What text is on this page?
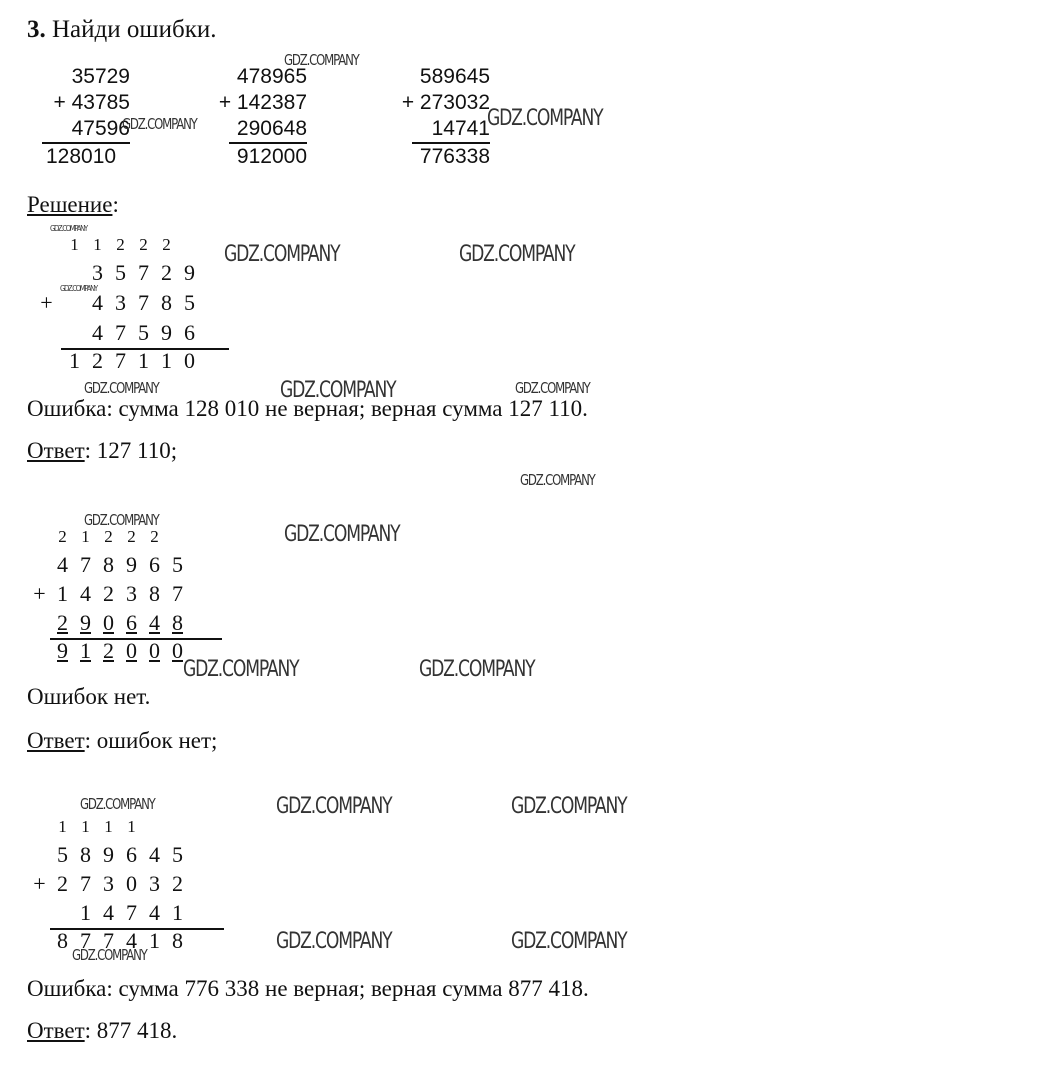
3. Найди ошибки.
35729
+ 43785
47596
128010
478965
+ 142387
290648
912000
589645
+ 273032
14741
776338
Решение:
1 1 2 2 2
3 5 7 2 9
+ 4 3 7 8 5
4 7 5 9 6
1 2 7 1 1 0
Ошибка: сумма 128 010 не верная; верная сумма 127 110.
Ответ: 127 110;
2 1 2 2 2
4 7 8 9 6 5
+ 1 4 2 3 8 7
2 9 0 6 4 8
9 1 2 0 0 0
Ошибок нет.
Ответ: ошибок нет;
1 1 1 1
5 8 9 6 4 5
+ 2 7 3 0 3 2
1 4 7 4 1
8 7 7 4 1 8
Ошибка: сумма 776 338 не верная; верная сумма 877 418.
Ответ: 877 418.
GDZ.COMPANY
GDZ.COMPANY	GDZ.COMPANY
GDZ.COMPANY
GDZ.COMPANY	GDZ.COMPANY
GDZ.COMPANY
GDZ.COMPANY	GDZ.COMPANY	GDZ.COMPANY
GDZ.COMPANY
GDZ.COMPANY
GDZ.COMPANY
GDZ.COMPANY	GDZ.COMPANY
GDZ.COMPANY	GDZ.COMPANY	GDZ.COMPANY
GDZ.COMPANY	GDZ.COMPANY
GDZ.COMPANY
